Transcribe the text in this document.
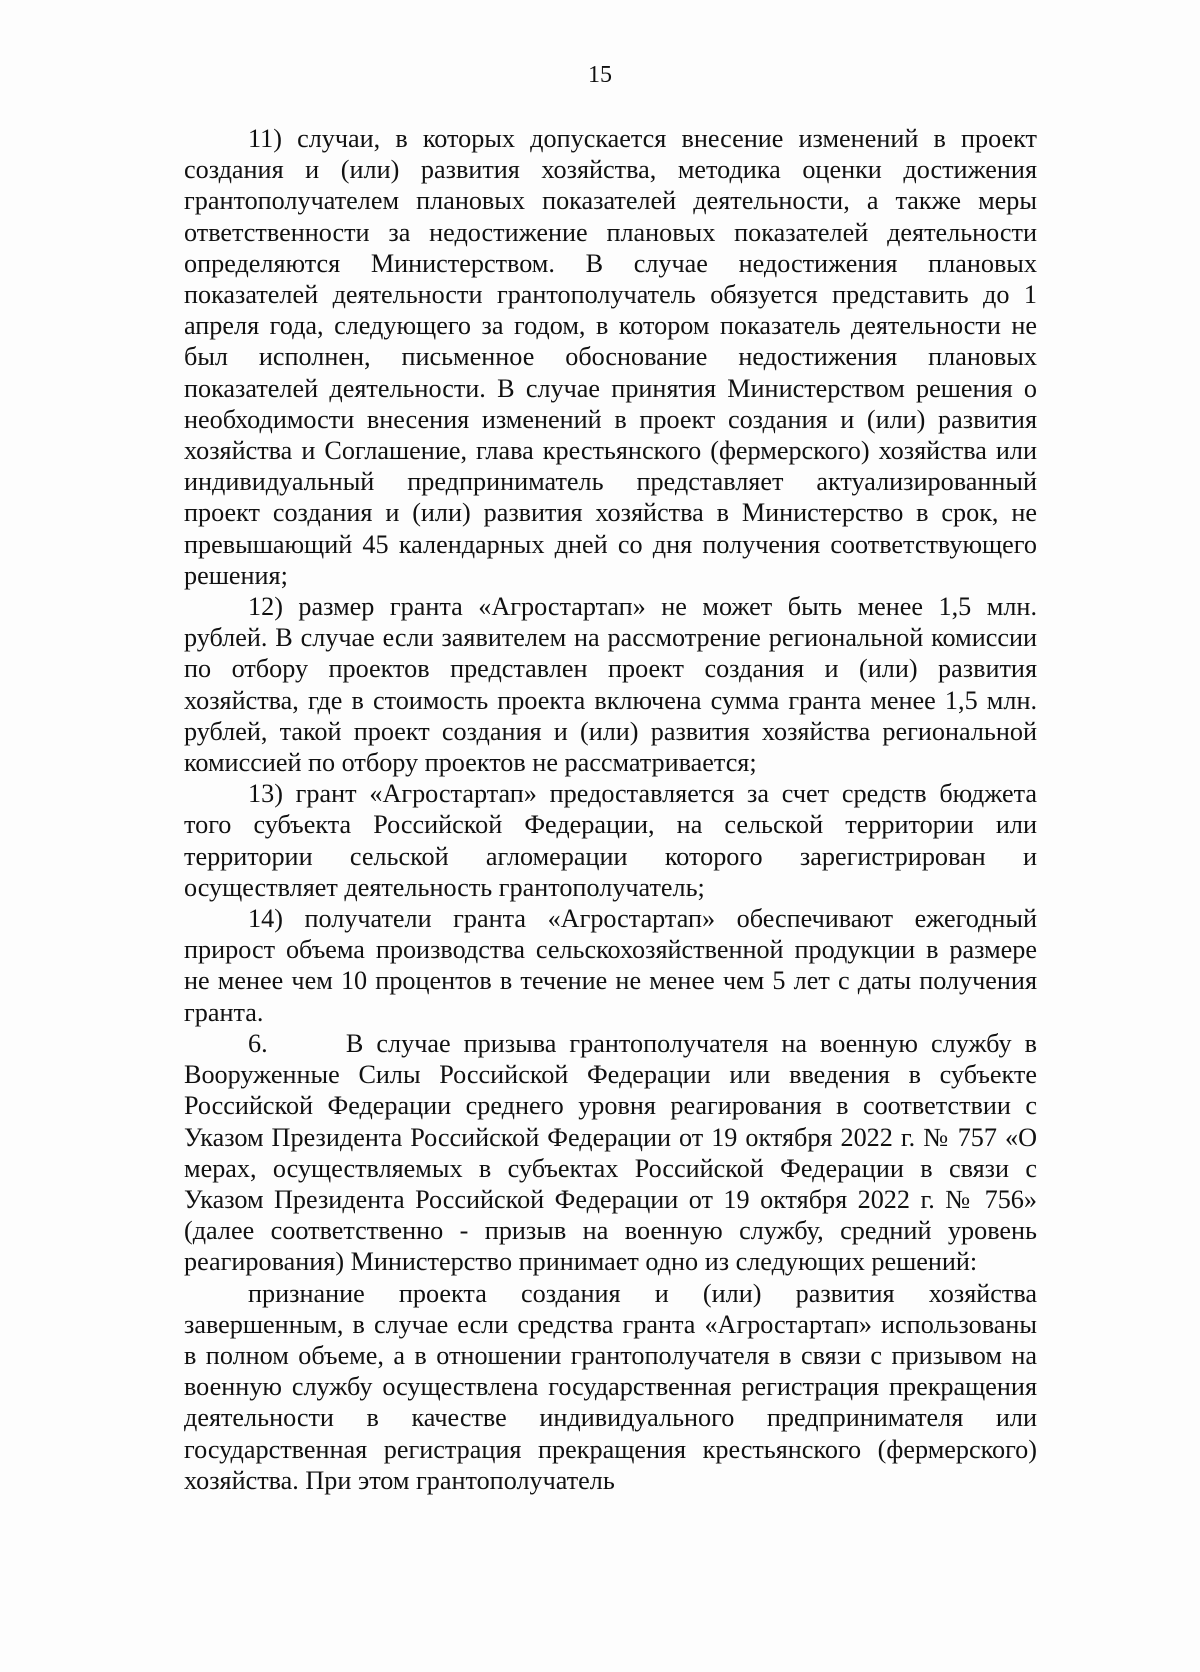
15

11) случаи, в которых допускается внесение изменений в проект создания и (или) развития хозяйства, методика оценки достижения грантополучателем плановых показателей деятельности, а также меры ответственности за недостижение плановых показателей деятельности определяются Министерством. В случае недостижения плановых показателей деятельности грантополучатель обязуется представить до 1 апреля года, следующего за годом, в котором показатель деятельности не был исполнен, письменное обоснование недостижения плановых показателей деятельности. В случае принятия Министерством решения о необходимости внесения изменений в проект создания и (или) развития хозяйства и Соглашение, глава крестьянского (фермерского) хозяйства или индивидуальный предприниматель представляет актуализированный проект создания и (или) развития хозяйства в Министерство в срок, не превышающий 45 календарных дней со дня получения соответствующего решения;

12) размер гранта «Агростартап» не может быть менее 1,5 млн. рублей. В случае если заявителем на рассмотрение региональной комиссии по отбору проектов представлен проект создания и (или) развития хозяйства, где в стоимость проекта включена сумма гранта менее 1,5 млн. рублей, такой проект создания и (или) развития хозяйства региональной комиссией по отбору проектов не рассматривается;

13) грант «Агростартап» предоставляется за счет средств бюджета того субъекта Российской Федерации, на сельской территории или территории сельской агломерации которого зарегистрирован и осуществляет деятельность грантополучатель;

14) получатели гранта «Агростартап» обеспечивают ежегодный прирост объема производства сельскохозяйственной продукции в размере не менее чем 10 процентов в течение не менее чем 5 лет с даты получения гранта.

6.      В случае призыва грантополучателя на военную службу в Вооруженные Силы Российской Федерации или введения в субъекте Российской Федерации среднего уровня реагирования в соответствии с Указом Президента Российской Федерации от 19 октября 2022 г. № 757 «О мерах, осуществляемых в субъектах Российской Федерации в связи с Указом Президента Российской Федерации от 19 октября 2022 г. № 756» (далее соответственно - призыв на военную службу, средний уровень реагирования) Министерство принимает одно из следующих решений:

признание проекта создания и (или) развития хозяйства завершенным, в случае если средства гранта «Агростартап» использованы в полном объеме, а в отношении грантополучателя в связи с призывом на военную службу осуществлена государственная регистрация прекращения деятельности в качестве индивидуального предпринимателя или государственная регистрация прекращения крестьянского (фермерского) хозяйства. При этом грантополучатель
